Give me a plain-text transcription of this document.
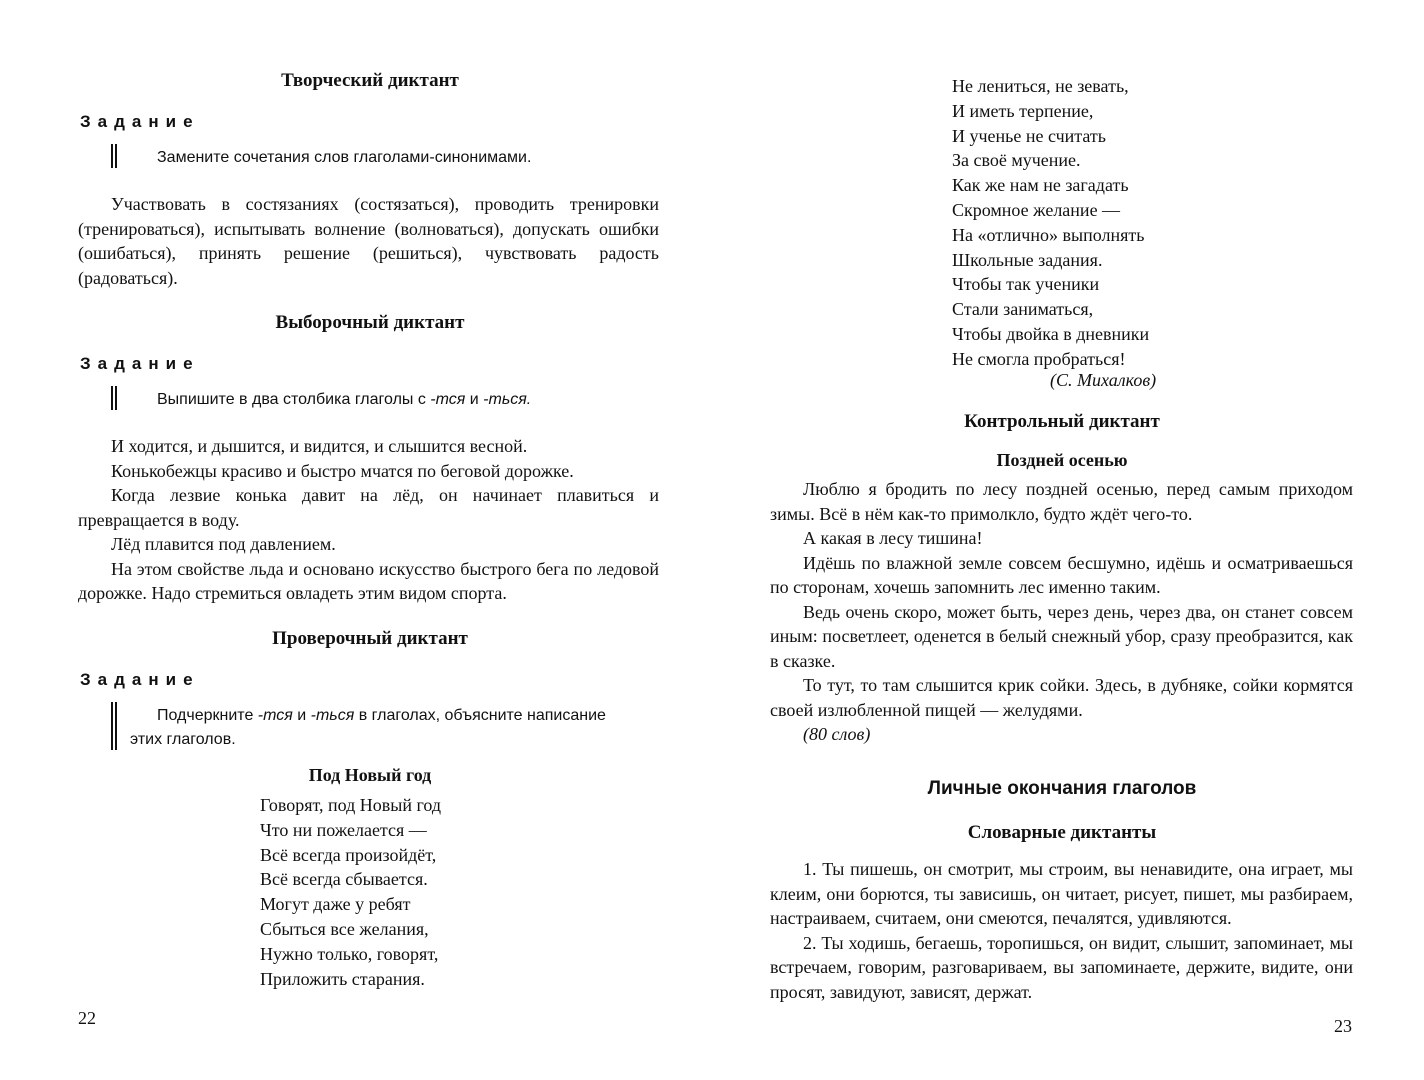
Творческий диктант
Задание
Замените сочетания слов глаголами-синонимами.

Участвовать в состязаниях (состязаться), проводить тренировки (тренироваться), испытывать волнение (волноваться), допускать ошибки (ошибаться), принять решение (решиться), чувствовать радость (радоваться).

Выборочный диктант
Задание
Выпишите в два столбика глаголы с -тся и -ться.

И ходится, и дышится, и видится, и слышится весной.

Конькобежцы красиво и быстро мчатся по беговой дорожке.

Когда лезвие конька давит на лёд, он начинает плавиться и превращается в воду.

Лёд плавится под давлением.

На этом свойстве льда и основано искусство быстрого бега по ледовой дорожке. Надо стремиться овладеть этим видом спорта.

Проверочный диктант
Задание
Подчеркните -тся и -ться в глаголах, объясните написание
этих глаголов.
Под Новый год
Говорят, под Новый год
Что ни пожелается —
Всё всегда произойдёт,
Всё всегда сбывается.
Могут даже у ребят
Сбыться все желания,
Нужно только, говорят,
Приложить старания.
22
Не лениться, не зевать,
И иметь терпение,
И ученье не считать
За своё мучение.
Как же нам не загадать
Скромное желание —
На «отлично» выполнять
Школьные задания.
Чтобы так ученики
Стали заниматься,
Чтобы двойка в дневники
Не смогла пробраться!
(С. Михалков)
Контрольный диктант
Поздней осенью

Люблю я бродить по лесу поздней осенью, перед самым приходом зимы. Всё в нём как-то примолкло, будто ждёт чего-то.

А какая в лесу тишина!

Идёшь по влажной земле совсем бесшумно, идёшь и осматриваешься по сторонам, хочешь запомнить лес именно таким.

Ведь очень скоро, может быть, через день, через два, он станет совсем иным: посветлеет, оденется в белый снежный убор, сразу преобразится, как в сказке.

То тут, то там слышится крик сойки. Здесь, в дубняке, сойки кормятся своей излюбленной пищей — желудями.

(80 слов)

Личные окончания глаголов
Словарные диктанты

1. Ты пишешь, он смотрит, мы строим, вы ненавидите, она играет, мы клеим, они борются, ты зависишь, он читает, рисует, пишет, мы разбираем, настраиваем, считаем, они смеются, печалятся, удивляются.

2. Ты ходишь, бегаешь, торопишься, он видит, слышит, запоминает, мы встречаем, говорим, разговариваем, вы запоминаете, держите, видите, они просят, завидуют, зависят, держат.

23
